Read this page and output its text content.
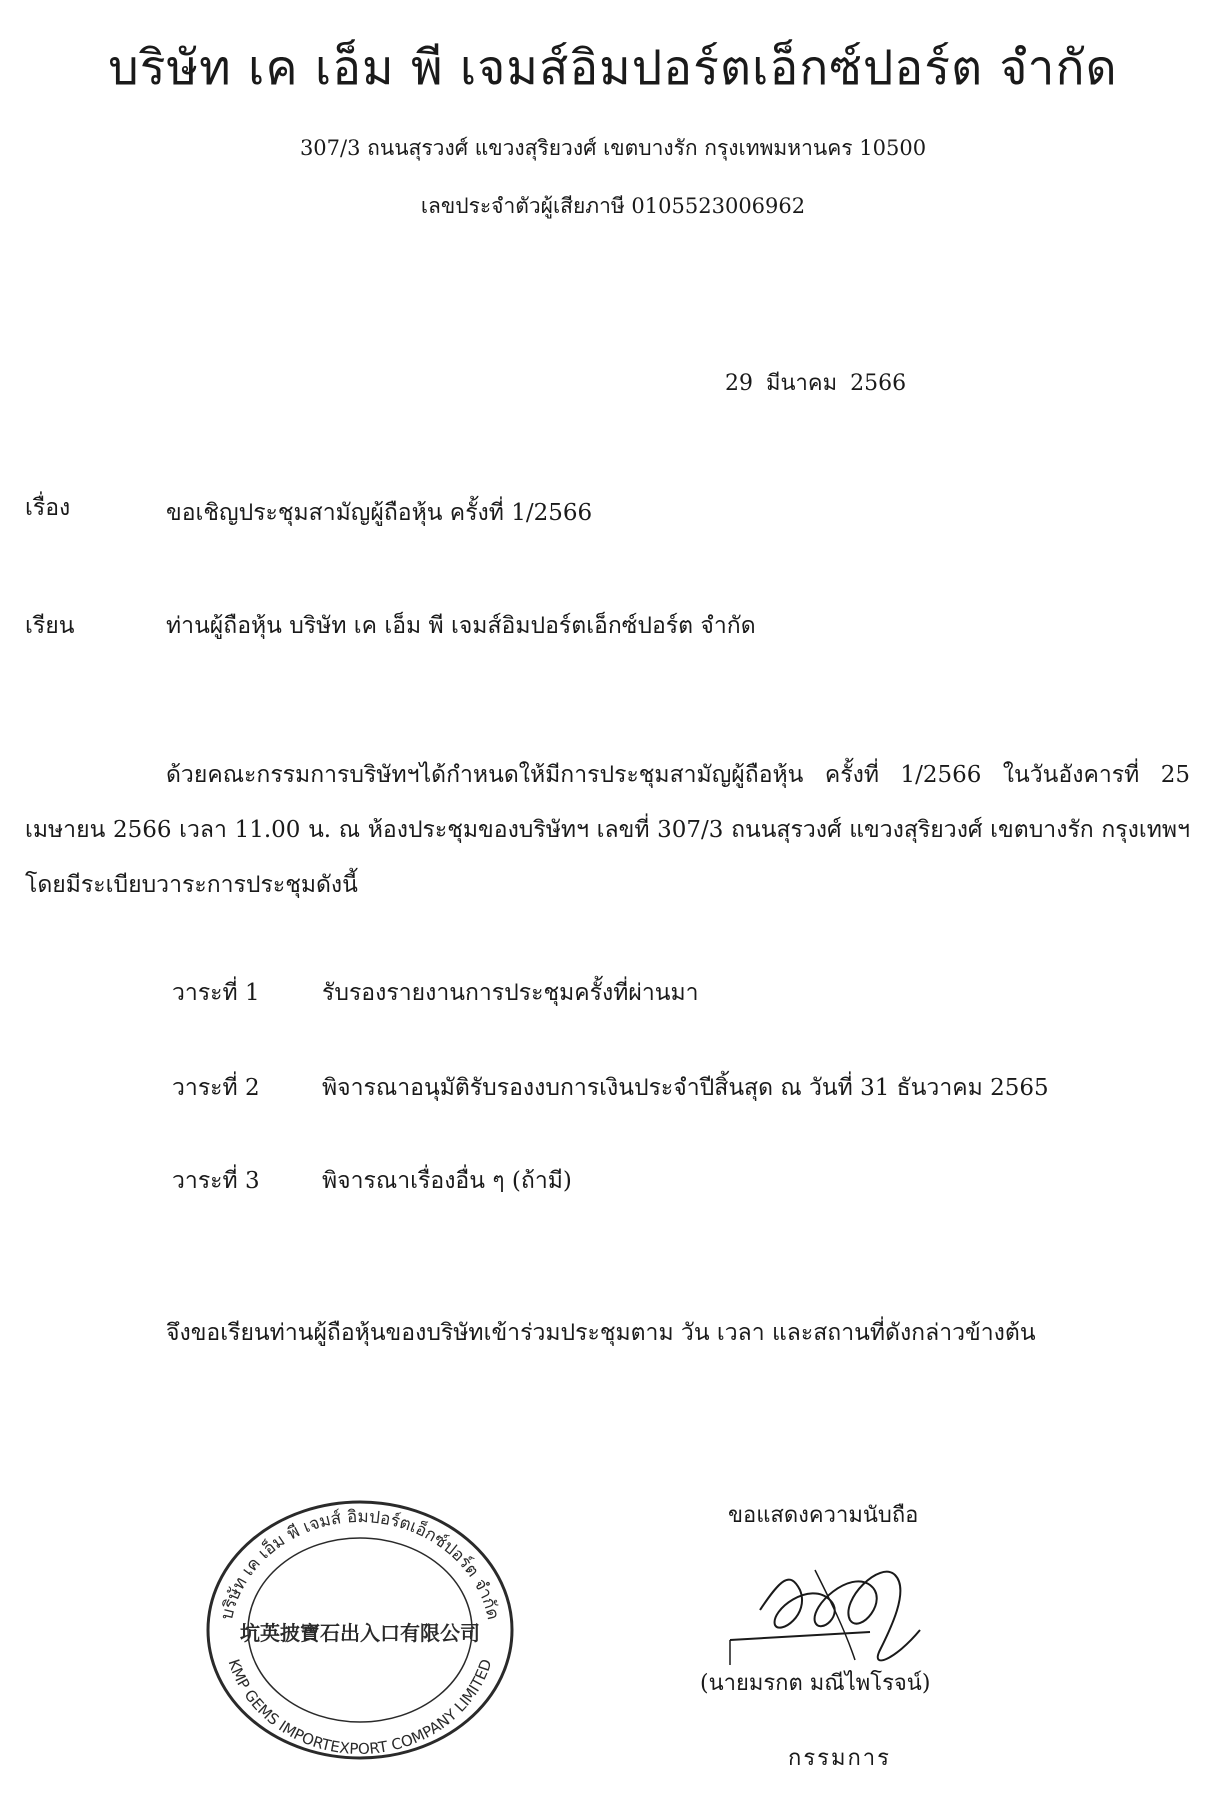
บริษัท เค เอ็ม พี เจมส์อิมปอร์ตเอ็กซ์ปอร์ต จำกัด
307/3 ถนนสุรวงศ์ แขวงสุริยวงศ์ เขตบางรัก กรุงเทพมหานคร 10500
เลขประจำตัวผู้เสียภาษี 0105523006962
29 มีนาคม 2566
เรื่อง	ขอเชิญประชุมสามัญผู้ถือหุ้น ครั้งที่ 1/2566
เรียน	ท่านผู้ถือหุ้น บริษัท เค เอ็ม พี เจมส์อิมปอร์ตเอ็กซ์ปอร์ต จำกัด
ด้วยคณะกรรมการบริษัทฯได้กำหนดให้มีการประชุมสามัญผู้ถือหุ้น ครั้งที่ 1/2566 ในวันอังคารที่ 25 เมษายน 2566 เวลา 11.00 น. ณ ห้องประชุมของบริษัทฯ เลขที่ 307/3 ถนนสุรวงศ์ แขวงสุริยวงศ์ เขตบางรัก กรุงเทพฯ โดยมีระเบียบวาระการประชุมดังนี้
วาระที่ 1	รับรองรายงานการประชุมครั้งที่ผ่านมา
วาระที่ 2	พิจารณาอนุมัติรับรองงบการเงินประจำปีสิ้นสุด ณ วันที่ 31 ธันวาคม 2565
วาระที่ 3	พิจารณาเรื่องอื่น ๆ (ถ้ามี)
จึงขอเรียนท่านผู้ถือหุ้นของบริษัทเข้าร่วมประชุมตาม วัน เวลา และสถานที่ดังกล่าวข้างต้น
บริษัท เค เอ็ม พี เจมส์ อิมปอร์ตเอ็กซ์ปอร์ต จำกัด
坑英披寶石出入口有限公司
KMP GEMS IMPORTEXPORT COMPANY LIMITED
ขอแสดงความนับถือ
(นายมรกต มณีไพโรจน์)
กรรมการ
